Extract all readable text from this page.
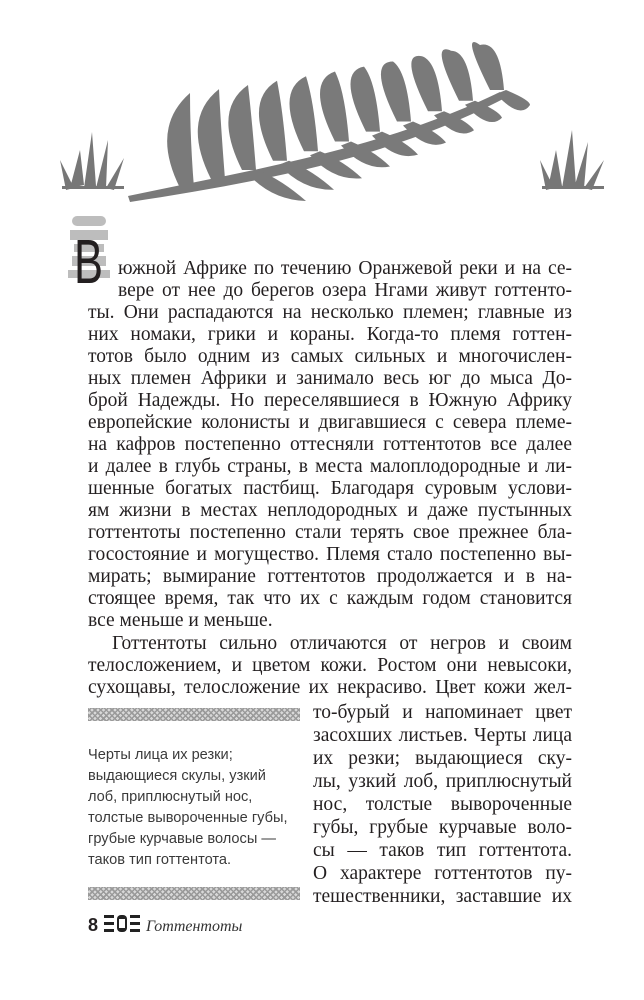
В южной Африке по течению Оранжевой реки и на се-
вере от нее до берегов озера Нгами живут готтенто-
ты. Они распадаются на несколько племен; главные из
них номаки, грики и кораны. Когда-то племя готтен-
тотов было одним из самых сильных и многочислен-
ных племен Африки и занимало весь юг до мыса До-
брой Надежды. Но переселявшиеся в Южную Африку
европейские колонисты и двигавшиеся с севера племе-
на кафров постепенно оттесняли готтентотов все далее
и далее в глубь страны, в места малоплодородные и ли-
шенные богатых пастбищ. Благодаря суровым услови-
ям жизни в местах неплодородных и даже пустынных
готтентоты постепенно стали терять свое прежнее бла-
госостояние и могущество. Племя стало постепенно вы-
мирать; вымирание готтентотов продолжается и в на-
стоящее время, так что их с каждым годом становится
все меньше и меньше.
Готтентоты сильно отличаются от негров и своим
телосложением, и цветом кожи. Ростом они невысоки,
сухощавы, телосложение их некрасиво. Цвет кожи жел-
то-бурый и напоминает цвет
засохших листьев. Черты лица
их резки; выдающиеся ску-
лы, узкий лоб, приплюснутый
нос, толстые вывороченные
губы, грубые курчавые воло-
сы — таков тип готтентота.
О характере готтентотов пу-
тешественники, заставшие их
Черты лица их резки;
выдающиеся скулы, узкий
лоб, приплюснутый нос,
толстые вывороченные губы,
грубые курчавые волосы —
таков тип готтентота.
8	Готтентоты
